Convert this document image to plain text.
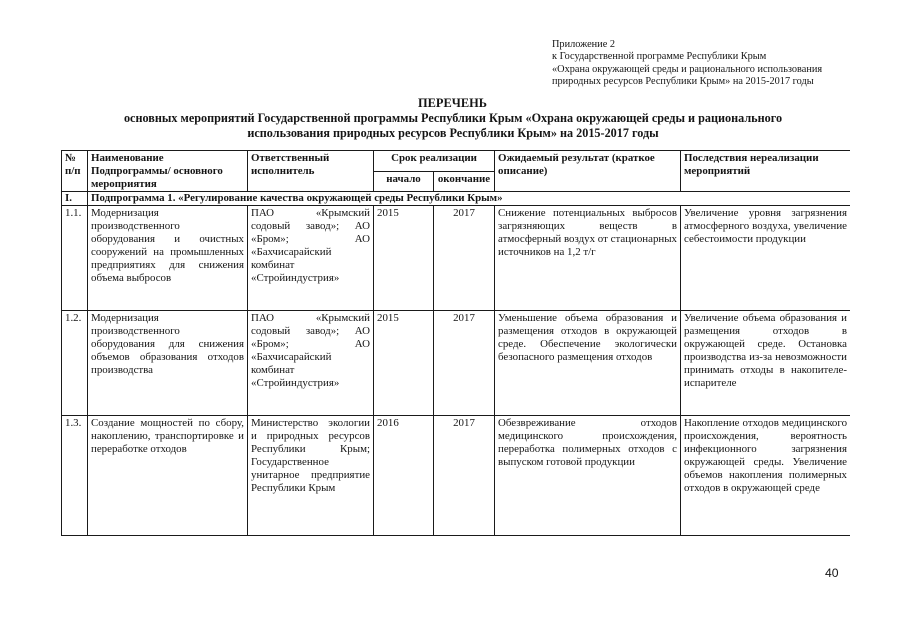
Приложение 2
к Государственной программе Республики Крым
«Охрана окружающей среды и рационального использования
природных ресурсов Республики Крым» на 2015-2017 годы
ПЕРЕЧЕНЬ
основных мероприятий Государственной программы Республики Крым «Охрана окружающей среды и рационального использования природных ресурсов Республики Крым» на 2015-2017 годы
№ п/п	Наименование Подпрограммы/ основного мероприятия	Ответственный исполнитель	Срок реализации		Ожидаемый результат (краткое описание)	Последствия нереализации мероприятий
			начало	окончание		
I.	Подпрограмма 1. «Регулирование качества окружающей среды Республики Крым»					
1.1.	Модернизация производственного оборудования и очистных сооружений на промышленных предприятиях для снижения объема выбросов	ПАО «Крымский содовый завод»; АО «Бром»; АО «Бахчисарайский комбинат «Стройиндустрия»	2015	2017	Снижение потенциальных выбросов загрязняющих веществ в атмосферный воздух от стационарных источников на 1,2 т/г	Увеличение уровня загрязнения атмосферного воздуха, увеличение себестоимости продукции
1.2.	Модернизация производственного оборудования для снижения объемов образования отходов производства	ПАО «Крымский содовый завод»; АО «Бром»; АО «Бахчисарайский комбинат «Стройиндустрия»	2015	2017	Уменьшение объема образования и размещения отходов в окружающей среде. Обеспечение экологически безопасного размещения отходов	Увеличение объема образования и размещения отходов в окружающей среде. Остановка производства из-за невозможности принимать отходы в накопителе-испарителе
1.3.	Создание мощностей по сбору, накоплению, транспортировке и переработке отходов	Министерство экологии и природных ресурсов Республики Крым; Государственное унитарное предприятие Республики Крым	2016	2017	Обезвреживание отходов медицинского происхождения, переработка полимерных отходов с выпуском готовой продукции	Накопление отходов медицинского происхождения, вероятность инфекционного загрязнения окружающей среды. Увеличение объемов накопления полимерных отходов в окружающей среде
40
